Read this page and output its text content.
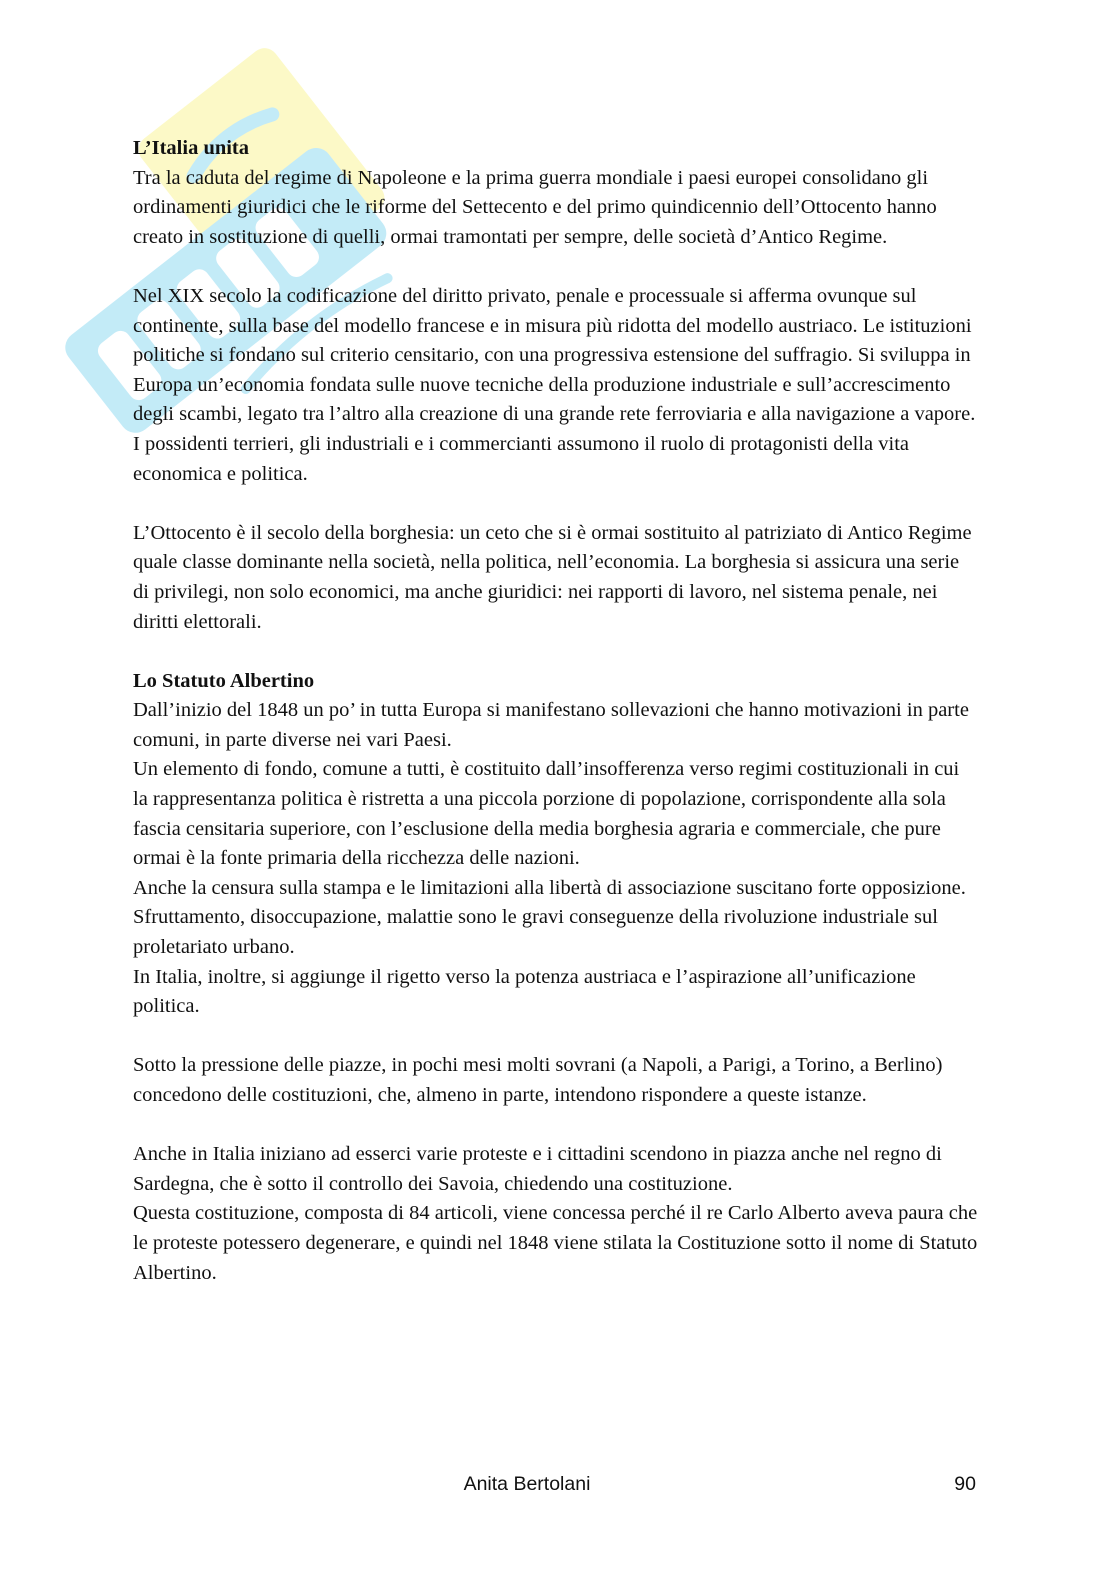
L’Italia unita

Tra la caduta del regime di Napoleone e la prima guerra mondiale i paesi europei consolidano gli ordinamenti giuridici che le riforme del Settecento e del primo quindicennio dell’Ottocento hanno creato in sostituzione di quelli, ormai tramontati per sempre, delle società d’Antico Regime.

Nel XIX secolo la codificazione del diritto privato, penale e processuale si afferma ovunque sul continente, sulla base del modello francese e in misura più ridotta del modello austriaco. Le istituzioni politiche si fondano sul criterio censitario, con una progressiva estensione del suffragio. Si sviluppa in Europa un’economia fondata sulle nuove tecniche della produzione industriale e sull’accrescimento degli scambi, legato tra l’altro alla creazione di una grande rete ferroviaria e alla navigazione a vapore.

I possidenti terrieri, gli industriali e i commercianti assumono il ruolo di protagonisti della vita economica e politica.

L’Ottocento è il secolo della borghesia: un ceto che si è ormai sostituito al patriziato di Antico Regime quale classe dominante nella società, nella politica, nell’economia. La borghesia si assicura una serie di privilegi, non solo economici, ma anche giuridici: nei rapporti di lavoro, nel sistema penale, nei diritti elettorali.

Lo Statuto Albertino

Dall’inizio del 1848 un po’ in tutta Europa si manifestano sollevazioni che hanno motivazioni in parte comuni, in parte diverse nei vari Paesi.

Un elemento di fondo, comune a tutti, è costituito dall’insofferenza verso regimi costituzionali in cui la rappresentanza politica è ristretta a una piccola porzione di popolazione, corrispondente alla sola fascia censitaria superiore, con l’esclusione della media borghesia agraria e commerciale, che pure ormai è la fonte primaria della ricchezza delle nazioni.

Anche la censura sulla stampa e le limitazioni alla libertà di associazione suscitano forte opposizione. Sfruttamento, disoccupazione, malattie sono le gravi conseguenze della rivoluzione industriale sul proletariato urbano.

In Italia, inoltre, si aggiunge il rigetto verso la potenza austriaca e l’aspirazione all’unificazione politica.

Sotto la pressione delle piazze, in pochi mesi molti sovrani (a Napoli, a Parigi, a Torino, a Berlino) concedono delle costituzioni, che, almeno in parte, intendono rispondere a queste istanze.

Anche in Italia iniziano ad esserci varie proteste e i cittadini scendono in piazza anche nel regno di Sardegna, che è sotto il controllo dei Savoia, chiedendo una costituzione.

Questa costituzione, composta di 84 articoli, viene concessa perché il re Carlo Alberto aveva paura che le proteste potessero degenerare, e quindi nel 1848 viene stilata la Costituzione sotto il nome di Statuto Albertino.

Anita Bertolani	90
